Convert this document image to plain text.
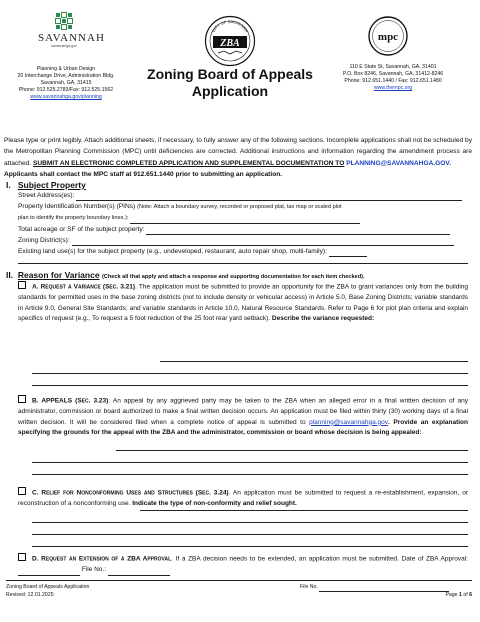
SAVANNAH
savannahga.gov
Planning & Urban Design
20 Interchange Drive, Administration Bldg.
Savannah, GA, 31415
Phone: 912.525.2783/Fax: 912.525.1562
www.savannahga.gov/planning
CITY OF SAVANNAH
ZBA
Zoning Board of Appeals
Application
mpc
110 E State St, Savannah, GA, 31401
P.O. Box 8246, Savannah, GA, 31412-8246
Phone: 912.651.1440 / Fax: 912.651.1480
www.thempc.org
Please type or print legibly. Attach additional sheets, if necessary, to fully answer any of the following sections. Incomplete applications shall not be scheduled by the Metropolitan Planning Commission (MPC) until deficiencies are corrected. Additional instructions and information regarding the amendment process are attached. SUBMIT AN ELECTRONIC COMPLETED APPLICATION AND SUPPLEMENTAL DOCUMENTATION TO PLANNING@SAVANNAHGA.GOV.
Applicants shall contact the MPC staff at 912.651.1440 prior to submitting an application.
I. Subject Property
Street Address(es):
Property Identification Number(s) (PINs) (Note: Attach a boundary survey, recorded or proposed plat, tax map or scaled plot
plan to identify the property boundary lines.):
Total acreage or SF of the subject property:
Zoning District(s):
Existing land use(s) for the subject property (e.g., undeveloped, restaurant, auto repair shop, multi-family):
II. Reason for Variance (Check all that apply and attach a response and supporting documentation for each item checked).
A. Request a Variance (Sec. 3.21). The application must be submitted to provide an opportunity for the ZBA to grant variances only from the building standards for permitted uses in the base zoning districts (not to include density or vehicular access) in Article 5.0, Base Zoning Districts; variable standards in Article 9.0, General Site Standards; and variable standards in Article 10.0, Natural Resource Standards. Refer to Page 6 for plot plan criteria and explain specifics of request (e.g., To request a 5 foot reduction of the 25 foot rear yard setback). Describe the variance requested:
B. APPEALS (Sec. 3.23). An appeal by any aggrieved party may be taken to the ZBA when an alleged error in a final written decision of any administrator, commission or board authorized to make a final written decision occurs. An application must be filed within thirty (30) working days of a final written decision. It will be considered filed when a complete notice of appeal is submitted to planning@savannahga.gov. Provide an explanation specifying the grounds for the appeal with the ZBA and the administrator, commission or board whose decision is being appealed:
C. Relief for Nonconforming Uses and Structures (Sec. 3.24). An application must be submitted to request a re-establishment, expansion, or reconstruction of a nonconforming use. Indicate the type of non-conformity and relief sought.
D. Request an Extension of a ZBA Approval. If a ZBA decision needs to be extended, an application must be submitted. Date of ZBA Approval: File No.:
Zoning Board of Appeals Application
Revised: 12.01.2025
File No.
Page 1 of 6
